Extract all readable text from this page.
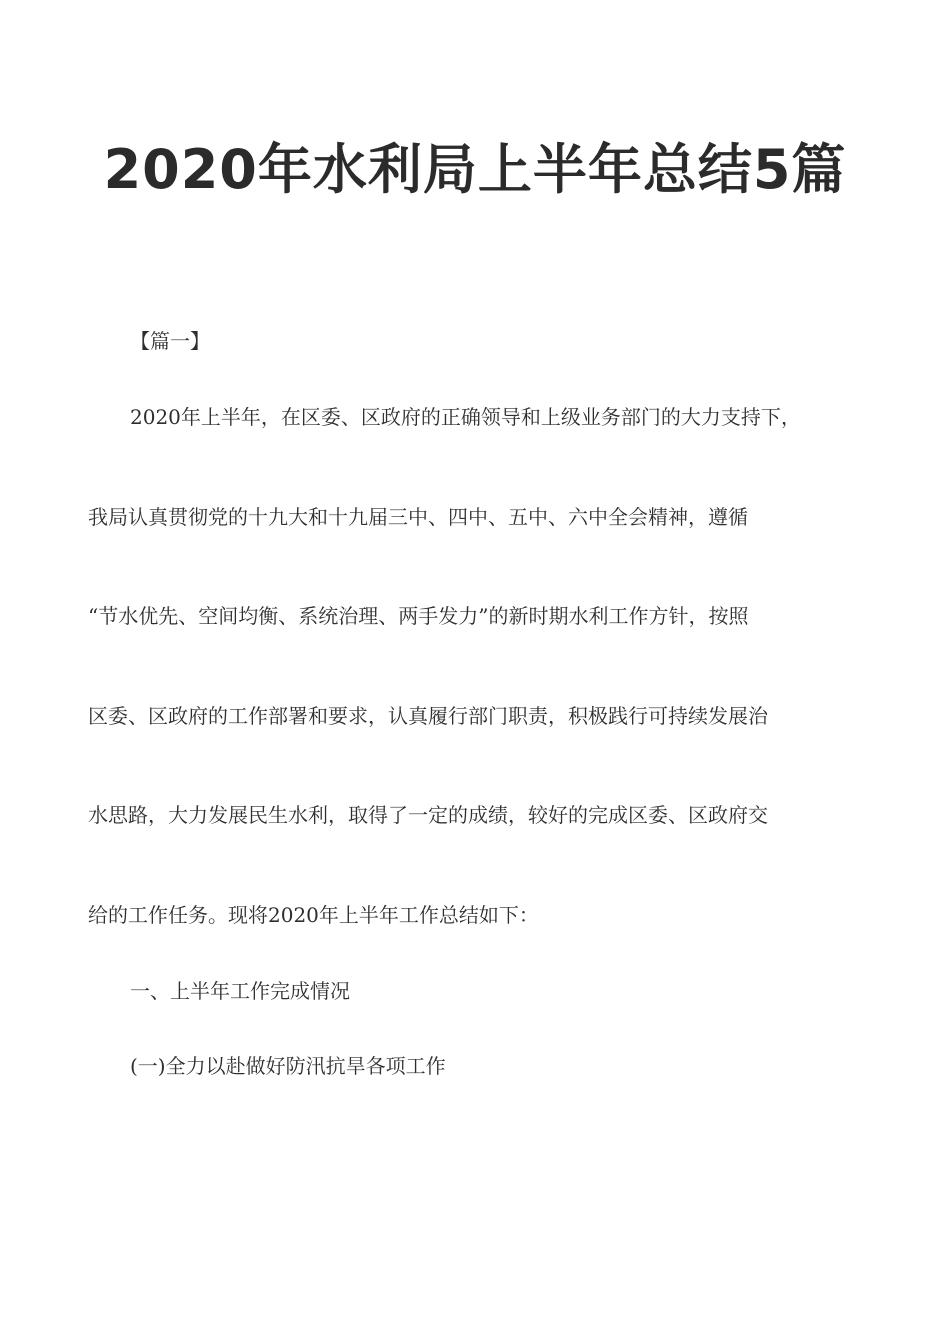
2020年水利局上半年总结5篇
【篇一】
2020年上半年，在区委、区政府的正确领导和上级业务部门的大力支持下，
我局认真贯彻党的十九大和十九届三中、四中、五中、六中全会精神，遵循
“节水优先、空间均衡、系统治理、两手发力”的新时期水利工作方针，按照
区委、区政府的工作部署和要求，认真履行部门职责，积极践行可持续发展治
水思路，大力发展民生水利，取得了一定的成绩，较好的完成区委、区政府交
给的工作任务。现将2020年上半年工作总结如下：
一、上半年工作完成情况
(一)全力以赴做好防汛抗旱各项工作
